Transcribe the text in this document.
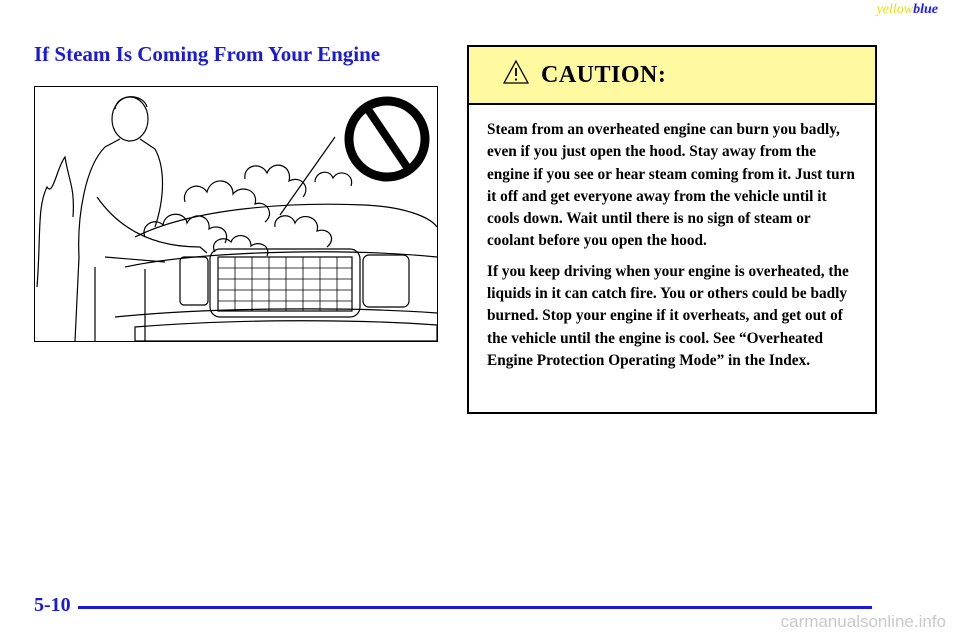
yellowblue
If Steam Is Coming From Your Engine
CAUTION:

Steam from an overheated engine can burn you badly, even if you just open the hood. Stay away from the engine if you see or hear steam coming from it. Just turn it off and get everyone away from the vehicle until it cools down. Wait until there is no sign of steam or coolant before you open the hood.

If you keep driving when your engine is overheated, the liquids in it can catch fire. You or others could be badly burned. Stop your engine if it overheats, and get out of the vehicle until the engine is cool. See “Overheated Engine Protection Operating Mode” in the Index.

5-10
carmanualsonline.info
